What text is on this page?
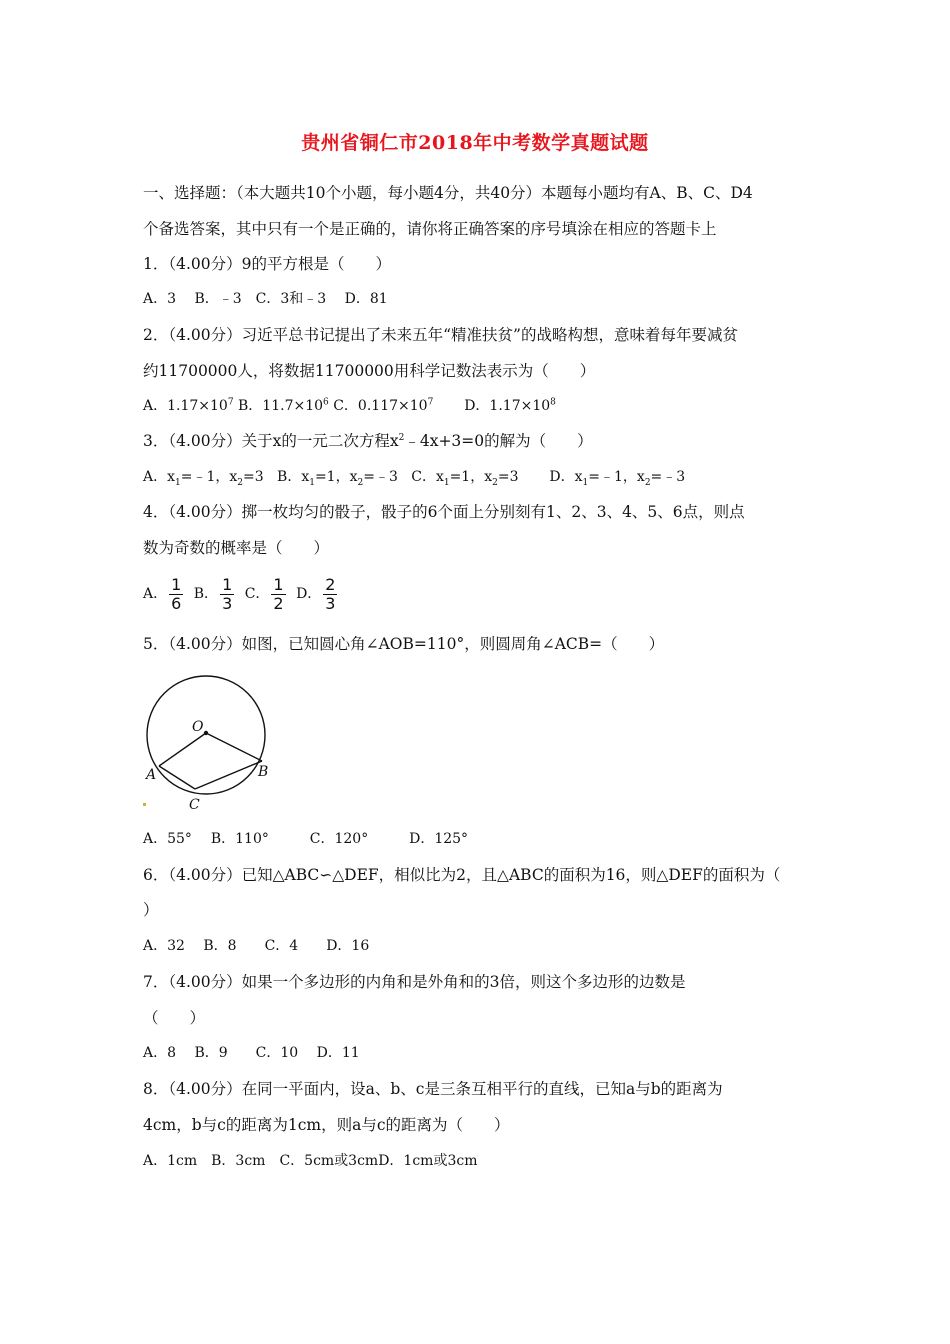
贵州省铜仁市2018年中考数学真题试题
一、选择题：（本大题共10个小题，每小题4分，共40分）本题每小题均有A、B、C、D4
个备选答案，其中只有一个是正确的，请你将正确答案的序号填涂在相应的答题卡上
1．（4.00分）9的平方根是（　　）
A．3　 B．﹣3　C．3和﹣3　 D．81
2．（4.00分）习近平总书记提出了未来五年“精准扶贫”的战略构想，意味着每年要减贫
约11700000人，将数据11700000用科学记数法表示为（　　）
A．$1.17\times 10^7$ B．$11.7\times 10^6$ C．$0.117\times 10^7$ D．$1.17\times 10^8$
3．（4.00分）关于x的一元二次方程$x^2﹣4x+3=0$的解为（　　）
A．$x_1=﹣1$，$x_2=3$ B．$x_1=1$，$x_2=﹣3$ C．$x_1=1$，$x_2=3$ D．$x_1=﹣1$，$x_2=﹣3$
4．（4.00分）掷一枚均匀的骰子，骰子的6个面上分别刻有1、2、3、4、5、6点，则点
数为奇数的概率是（　　）
A． $\frac{1}{6}$ B． $\frac{1}{3}$ C． $\frac{1}{2}$ D． $\frac{2}{3}$
5．（4.00分）如图，已知圆心角∠AOB=110°，则圆周角∠ACB=（　　）
O
A	B
C
A．55° B．110°	C．120°	D．125°
6．（4.00分）已知△ABC∽△DEF，相似比为2，且△ABC的面积为16，则△DEF的面积为（
）
A．32　 B．8　　C．4　　D．16
7．（4.00分）如果一个多边形的内角和是外角和的3倍，则这个多边形的边数是
（　　）
A．8　 B．9　　C．10　 D．11
8．（4.00分）在同一平面内，设a、b、c是三条互相平行的直线，已知a与b的距离为
4cm，b与c的距离为1cm，则a与c的距离为（　　）
A．1cm　B．3cm　C．5cm或3cmD．1cm或3cm
